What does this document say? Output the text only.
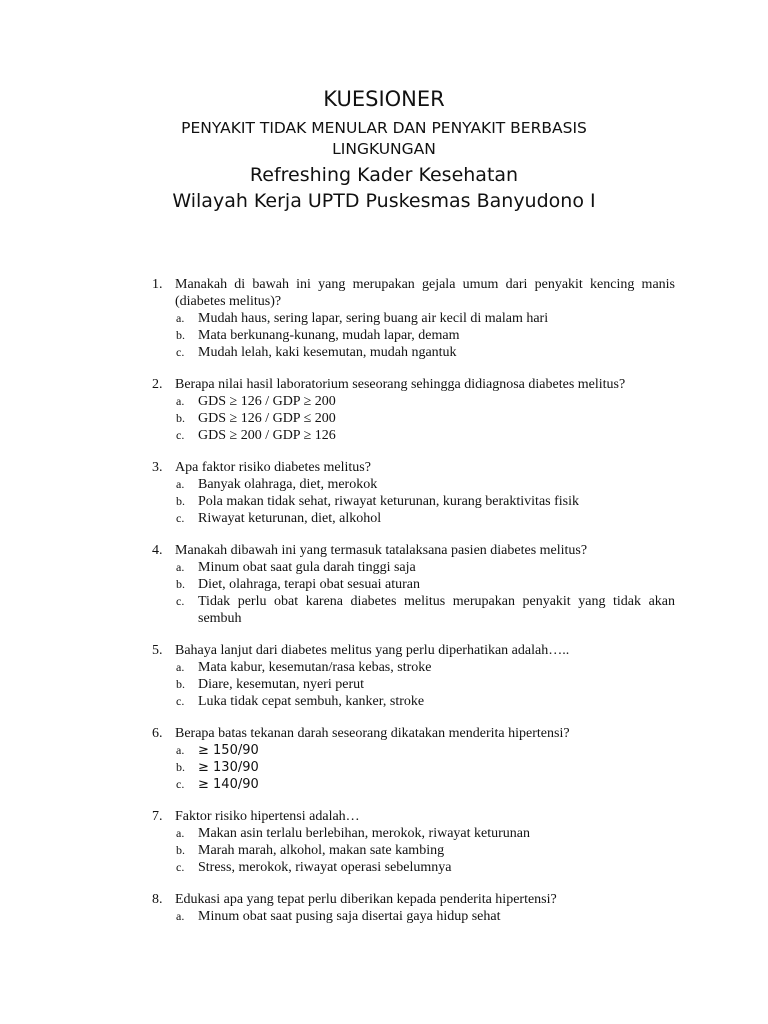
KUESIONER
PENYAKIT TIDAK MENULAR DAN PENYAKIT BERBASIS
LINGKUNGAN
Refreshing Kader Kesehatan
Wilayah Kerja UPTD Puskesmas Banyudono I
1. Manakah di bawah ini yang merupakan gejala umum dari penyakit kencing manis (diabetes melitus)?
a. Mudah haus, sering lapar, sering buang air kecil di malam hari
b. Mata berkunang-kunang, mudah lapar, demam
c. Mudah lelah, kaki kesemutan, mudah ngantuk
2. Berapa nilai hasil laboratorium seseorang sehingga didiagnosa diabetes melitus?
a. GDS ≥ 126 / GDP ≥ 200
b. GDS ≥ 126 / GDP ≤ 200
c. GDS ≥ 200 / GDP ≥ 126
3. Apa faktor risiko diabetes melitus?
a. Banyak olahraga, diet, merokok
b. Pola makan tidak sehat, riwayat keturunan, kurang beraktivitas fisik
c. Riwayat keturunan, diet, alkohol
4. Manakah dibawah ini yang termasuk tatalaksana pasien diabetes melitus?
a. Minum obat saat gula darah tinggi saja
b. Diet, olahraga, terapi obat sesuai aturan
c. Tidak perlu obat karena diabetes melitus merupakan penyakit yang tidak akan sembuh
5. Bahaya lanjut dari diabetes melitus yang perlu diperhatikan adalah…..
a. Mata kabur, kesemutan/rasa kebas, stroke
b. Diare, kesemutan, nyeri perut
c. Luka tidak cepat sembuh, kanker, stroke
6. Berapa batas tekanan darah seseorang dikatakan menderita hipertensi?
a. ≥ 150/90
b. ≥ 130/90
c. ≥ 140/90
7. Faktor risiko hipertensi adalah…
a. Makan asin terlalu berlebihan, merokok, riwayat keturunan
b. Marah marah, alkohol, makan sate kambing
c. Stress, merokok, riwayat operasi sebelumnya
8. Edukasi apa yang tepat perlu diberikan kepada penderita hipertensi?
a. Minum obat saat pusing saja disertai gaya hidup sehat
